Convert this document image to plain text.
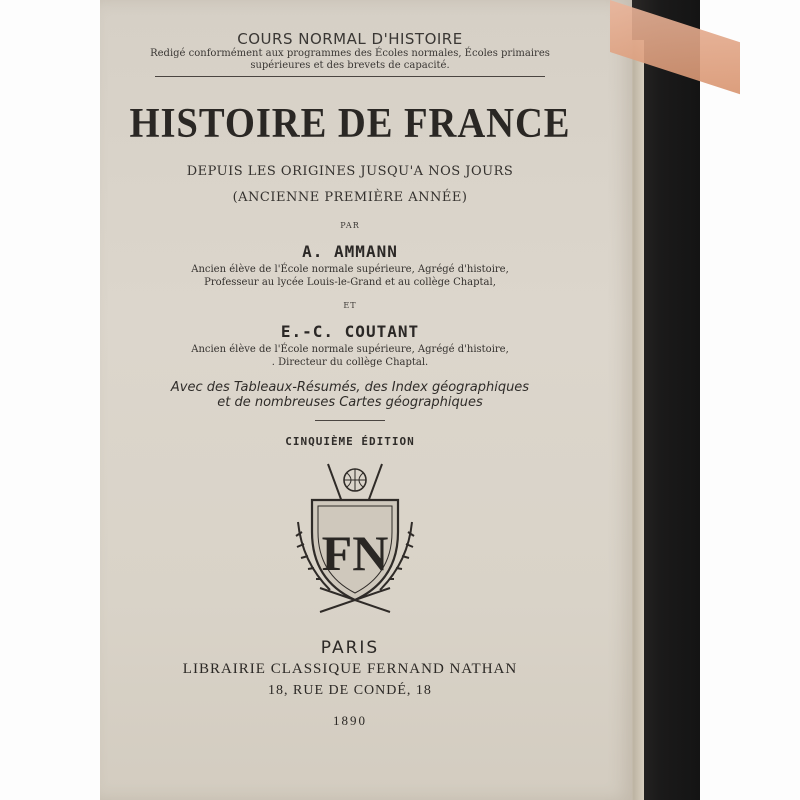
COURS NORMAL D'HISTOIRE
Redigé conformément aux programmes des Écoles normales, Écoles primaires
supérieures et des brevets de capacité.
HISTOIRE DE FRANCE
DEPUIS LES ORIGINES JUSQU'A NOS JOURS
(ANCIENNE PREMIÈRE ANNÉE)
PAR
A. AMMANN
Ancien élève de l'École normale supérieure, Agrégé d'histoire,
Professeur au lycée Louis-le-Grand et au collège Chaptal,
ET
E.-C. COUTANT
Ancien élève de l'École normale supérieure, Agrégé d'histoire,
. Directeur du collège Chaptal.
Avec des Tableaux-Résumés, des Index géographiques
et de nombreuses Cartes géographiques
CINQUIÈME ÉDITION
FN
PARIS
LIBRAIRIE CLASSIQUE FERNAND NATHAN
18, RUE DE CONDÉ, 18
1890
